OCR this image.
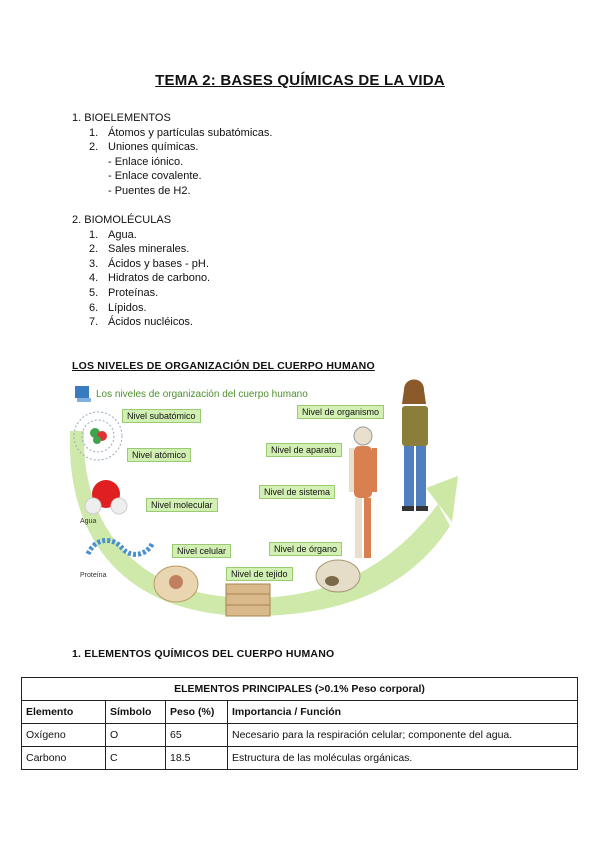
TEMA 2: BASES QUÍMICAS DE LA VIDA

1. BIOELEMENTOS

1. Átomos y partículas subatómicas.
2. Uniones químicas.
- Enlace iónico.
- Enlace covalente.
- Puentes de H2.

2. BIOMOLÉCULAS

1. Agua.
2. Sales minerales.
3. Ácidos y bases - pH.
4. Hidratos de carbono.
5. Proteínas.
6. Lípidos.
7. Ácidos nucléicos.
LOS NIVELES DE ORGANIZACIÓN DEL CUERPO HUMANO
Los niveles de organización del cuerpo humano
Nivel subatómico
Nivel atómico
Nivel molecular
Nivel celular
Nivel de tejido
Nivel de órgano
Nivel de sistema
Nivel de aparato
Nivel de organismo
Agua
Proteína
1. ELEMENTOS QUÍMICOS DEL CUERPO HUMANO
ELEMENTOS PRINCIPALES (>0.1% Peso corporal)			
Elemento	Símbolo	Peso (%)	Importancia / Función
Oxígeno	O	65	Necesario para la respiración celular; componente del agua.
Carbono	C	18.5	Estructura de las moléculas orgánicas.
